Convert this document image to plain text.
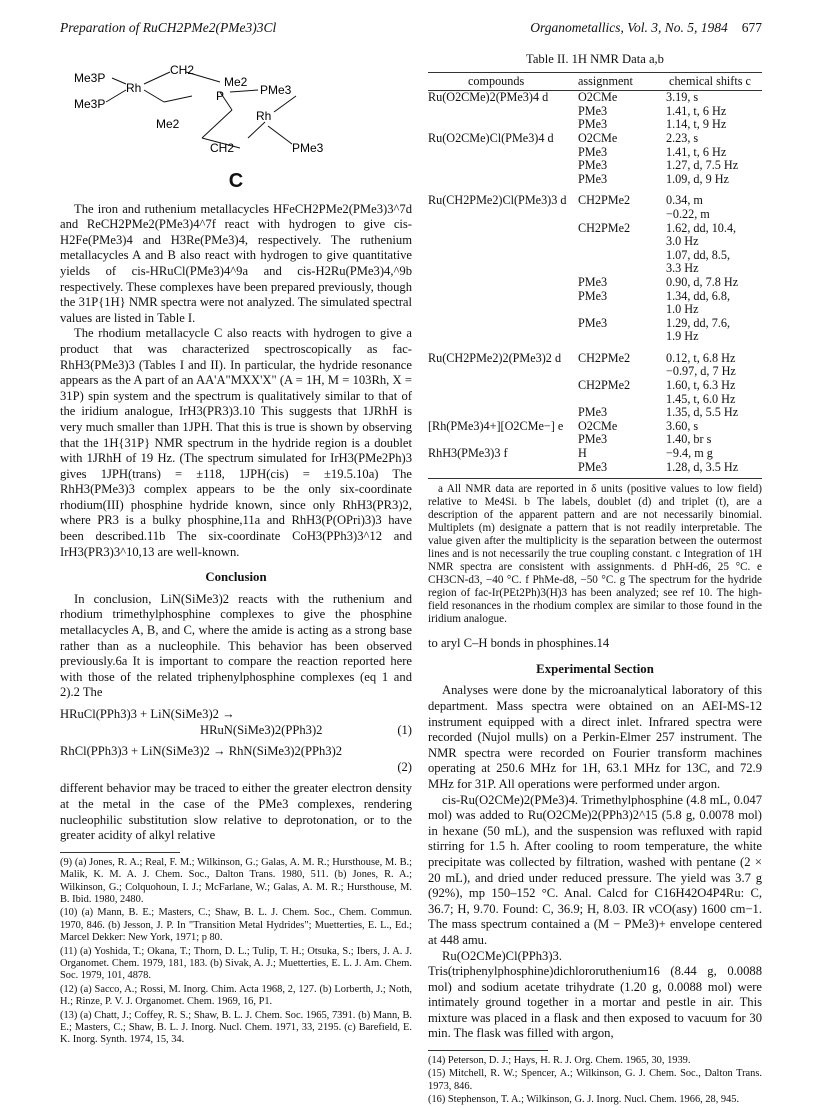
Preparation of RuCH2PMe2(PMe3)3Cl	Organometallics, Vol. 3, No. 5, 1984 677
Me3P
Rh
CH2
Me2
P	PMe3
Me3P
Me2
Rh
CH2	PMe3
C

The iron and ruthenium metallacycles HFeCH2PMe2(PMe3)3^7d and ReCH2PMe2(PMe3)4^7f react with hydrogen to give cis-H2Fe(PMe3)4 and H3Re(PMe3)4, respectively. The ruthenium metallacycles A and B also react with hydrogen to give quantitative yields of cis-HRuCl(PMe3)4^9a and cis-H2Ru(PMe3)4,^9b respectively. These complexes have been prepared previously, though the 31P{1H} NMR spectra were not analyzed. The simulated spectral values are listed in Table I.

The rhodium metallacycle C also reacts with hydrogen to give a product that was characterized spectroscopically as fac-RhH3(PMe3)3 (Tables I and II). In particular, the hydride resonance appears as the A part of an AA'A"MXX'X" (A = 1H, M = 103Rh, X = 31P) spin system and the spectrum is qualitatively similar to that of the iridium analogue, IrH3(PR3)3.10 This suggests that 1JRhH is very much smaller than 1JPH. That this is true is shown by observing that the 1H{31P} NMR spectrum in the hydride region is a doublet with 1JRhH of 19 Hz. (The spectrum simulated for IrH3(PMe2Ph)3 gives 1JPH(trans) = ±118, 1JPH(cis) = ±19.5.10a) The RhH3(PMe3)3 complex appears to be the only six-coordinate rhodium(III) phosphine hydride known, since only RhH3(PR3)2, where PR3 is a bulky phosphine,11a and RhH3(P(OPri)3)3 have been described.11b The six-coordinate CoH3(PPh3)3^12 and IrH3(PR3)3^10,13 are well-known.

Conclusion

In conclusion, LiN(SiMe3)2 reacts with the ruthenium and rhodium trimethylphosphine complexes to give the phosphine metallacycles A, B, and C, where the amide is acting as a strong base rather than as a nucleophile. This behavior has been observed previously.6a It is important to compare the reaction reported here with those of the related triphenylphosphine complexes (eq 1 and 2).2 The

HRuCl(PPh3)3 + LiN(SiMe3)2 →
HRuN(SiMe3)2(PPh3)2	(1)
RhCl(PPh3)3 + LiN(SiMe3)2 → RhN(SiMe3)2(PPh3)2
(2)

different behavior may be traced to either the greater electron density at the metal in the case of the PMe3 complexes, rendering nucleophilic substitution slow relative to deprotonation, or to the greater acidity of alkyl relative

(9) (a) Jones, R. A.; Real, F. M.; Wilkinson, G.; Galas, A. M. R.; Hursthouse, M. B.; Malik, K. M. A. J. Chem. Soc., Dalton Trans. 1980, 511. (b) Jones, R. A.; Wilkinson, G.; Colquohoun, I. J.; McFarlane, W.; Galas, A. M. R.; Hursthouse, M. B. Ibid. 1980, 2480.

(10) (a) Mann, B. E.; Masters, C.; Shaw, B. L. J. Chem. Soc., Chem. Commun. 1970, 846. (b) Jesson, J. P. In "Transition Metal Hydrides"; Muetterties, E. L., Ed.; Marcel Dekker: New York, 1971; p 80.

(11) (a) Yoshida, T.; Okana, T.; Thorn, D. L.; Tulip, T. H.; Otsuka, S.; Ibers, J. A. J. Organomet. Chem. 1979, 181, 183. (b) Sivak, A. J.; Muetterties, E. L. J. Am. Chem. Soc. 1979, 101, 4878.

(12) (a) Sacco, A.; Rossi, M. Inorg. Chim. Acta 1968, 2, 127. (b) Lorberth, J.; Noth, H.; Rinze, P. V. J. Organomet. Chem. 1969, 16, P1.

(13) (a) Chatt, J.; Coffey, R. S.; Shaw, B. L. J. Chem. Soc. 1965, 7391. (b) Mann, B. E.; Masters, C.; Shaw, B. L. J. Inorg. Nucl. Chem. 1971, 33, 2195. (c) Barefield, E. K. Inorg. Synth. 1974, 15, 34.

Table II. 1H NMR Data a,b
compounds	assignment	chemical shifts c
Ru(O2CMe)2(PMe3)4 d	O2CMe	3.19, s
	PMe3	1.41, t, 6 Hz
	PMe3	1.14, t, 9 Hz
Ru(O2CMe)Cl(PMe3)4 d	O2CMe	2.23, s
	PMe3	1.41, t, 6 Hz
	PMe3	1.27, d, 7.5 Hz
	PMe3	1.09, d, 9 Hz

Ru(CH2PMe2)Cl(PMe3)3 d	CH2PMe2	0.34, m
		−0.22, m
	CH2PMe2	1.62, dd, 10.4,
		3.0 Hz
		1.07, dd, 8.5,
		3.3 Hz
	PMe3	0.90, d, 7.8 Hz
	PMe3	1.34, dd, 6.8,
		1.0 Hz
	PMe3	1.29, dd, 7.6,
		1.9 Hz

Ru(CH2PMe2)2(PMe3)2 d	CH2PMe2	0.12, t, 6.8 Hz
		−0.97, d, 7 Hz
	CH2PMe2	1.60, t, 6.3 Hz
		1.45, t, 6.0 Hz
	PMe3	1.35, d, 5.5 Hz
[Rh(PMe3)4+][O2CMe−] e	O2CMe	3.60, s
	PMe3	1.40, br s
RhH3(PMe3)3 f	H	−9.4, m g
	PMe3	1.28, d, 3.5 Hz

a All NMR data are reported in δ units (positive values to low field) relative to Me4Si. b The labels, doublet (d) and triplet (t), are a description of the apparent pattern and are not necessarily binomial. Multiplets (m) designate a pattern that is not readily interpretable. The value given after the multiplicity is the separation between the outermost lines and is not necessarily the true coupling constant. c Integration of 1H NMR spectra are consistent with assignments. d PhH-d6, 25 °C. e CH3CN-d3, −40 °C. f PhMe-d8, −50 °C. g The spectrum for the hydride region of fac-Ir(PEt2Ph)3(H)3 has been analyzed; see ref 10. The high-field resonances in the rhodium complex are similar to those found in the iridium analogue.

to aryl C–H bonds in phosphines.14

Experimental Section

Analyses were done by the microanalytical laboratory of this department. Mass spectra were obtained on an AEI-MS-12 instrument equipped with a direct inlet. Infrared spectra were recorded (Nujol mulls) on a Perkin-Elmer 257 instrument. The NMR spectra were recorded on Fourier transform machines operating at 250.6 MHz for 1H, 63.1 MHz for 13C, and 72.9 MHz for 31P. All operations were performed under argon.

cis-Ru(O2CMe)2(PMe3)4. Trimethylphosphine (4.8 mL, 0.047 mol) was added to Ru(O2CMe)2(PPh3)2^15 (5.8 g, 0.0078 mol) in hexane (50 mL), and the suspension was refluxed with rapid stirring for 1.5 h. After cooling to room temperature, the white precipitate was collected by filtration, washed with pentane (2 × 20 mL), and dried under reduced pressure. The yield was 3.7 g (92%), mp 150–152 °C. Anal. Calcd for C16H42O4P4Ru: C, 36.7; H, 9.70. Found: C, 36.9; H, 8.03. IR νCO(asy) 1600 cm−1. The mass spectrum contained a (M − PMe3)+ envelope centered at 448 amu.

Ru(O2CMe)Cl(PPh3)3. Tris(triphenylphosphine)dichlororuthenium16 (8.44 g, 0.0088 mol) and sodium acetate trihydrate (1.20 g, 0.0088 mol) were intimately ground together in a mortar and pestle in air. This mixture was placed in a flask and then exposed to vacuum for 30 min. The flask was filled with argon,

(14) Peterson, D. J.; Hays, H. R. J. Org. Chem. 1965, 30, 1939.

(15) Mitchell, R. W.; Spencer, A.; Wilkinson, G. J. Chem. Soc., Dalton Trans. 1973, 846.

(16) Stephenson, T. A.; Wilkinson, G. J. Inorg. Nucl. Chem. 1966, 28, 945.
